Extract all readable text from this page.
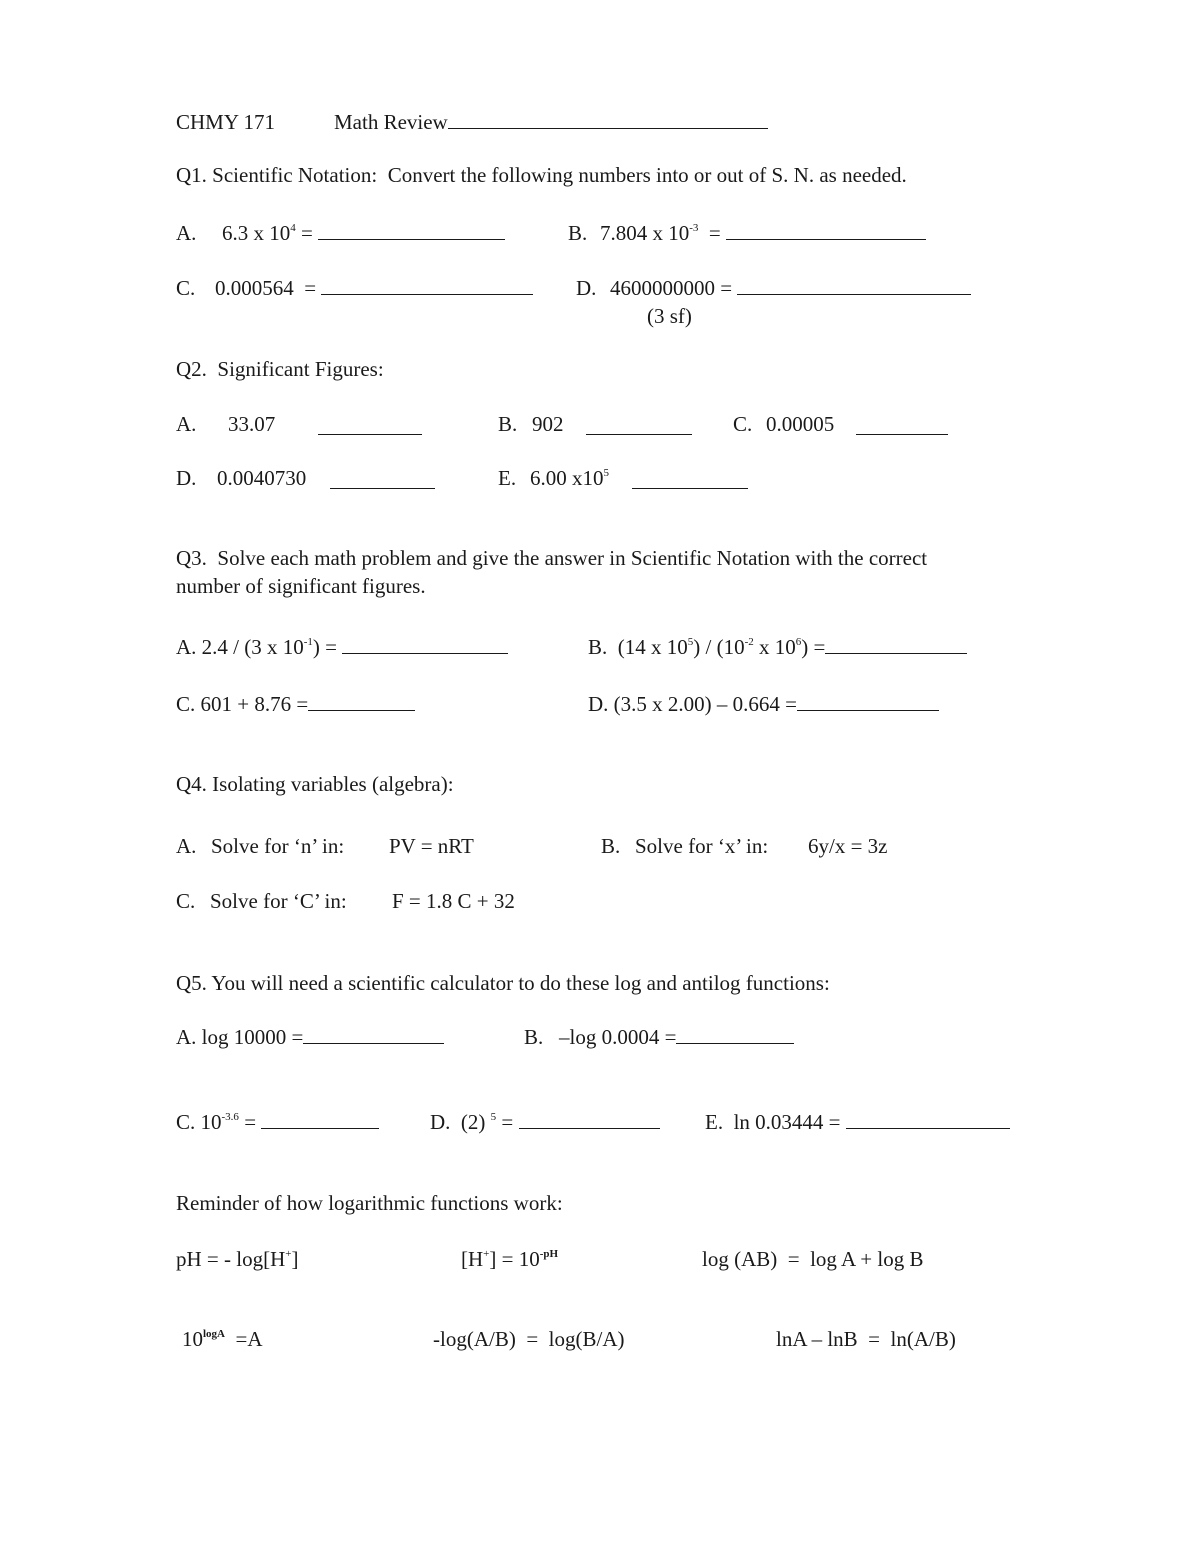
CHMY 171	Math Review
Q1. Scientific Notation:  Convert the following numbers into or out of S. N. as needed.
A. 6.3 x $10^4$ =	B. 7.804 x $10^{-3}$ =
C. 0.000564 =	D. 4600000000 =
(3 sf)
Q2.  Significant Figures:
A. 33.07	B. 902	C. 0.00005
D. 0.0040730	E. 6.00 $x10^5$
Q3.  Solve each math problem and give the answer in Scientific Notation with the correct
number of significant figures.
A. 2.4 / (3 x $10^{-1}$) =	B. (14 x $10^5) / (10^{-2}$ x $10^6$) =
C. 601 + 8.76 =	D. (3.5 x 2.00) – 0.664 =
Q4. Isolating variables (algebra):
A. Solve for ‘n’ in: PV = nRT	B. Solve for ‘x’ in: 6y/x = 3z
C. Solve for ‘C’ in: F = 1.8 C + 32
Q5. You will need a scientific calculator to do these log and antilog functions:
A. log 10000 =	B. –log 0.0004 =
C. $10^{-3.6}$ =	D. (2) $^5$ =	E. ln 0.03444 =
Reminder of how logarithmic functions work:
pH = - log[H+]	$[H^+] = 10^{-pH}$	log (AB)  =  log A + log B
$10^{logA} =A$	-log(A/B)  =  log(B/A)	lnA – lnB  =  ln(A/B)
